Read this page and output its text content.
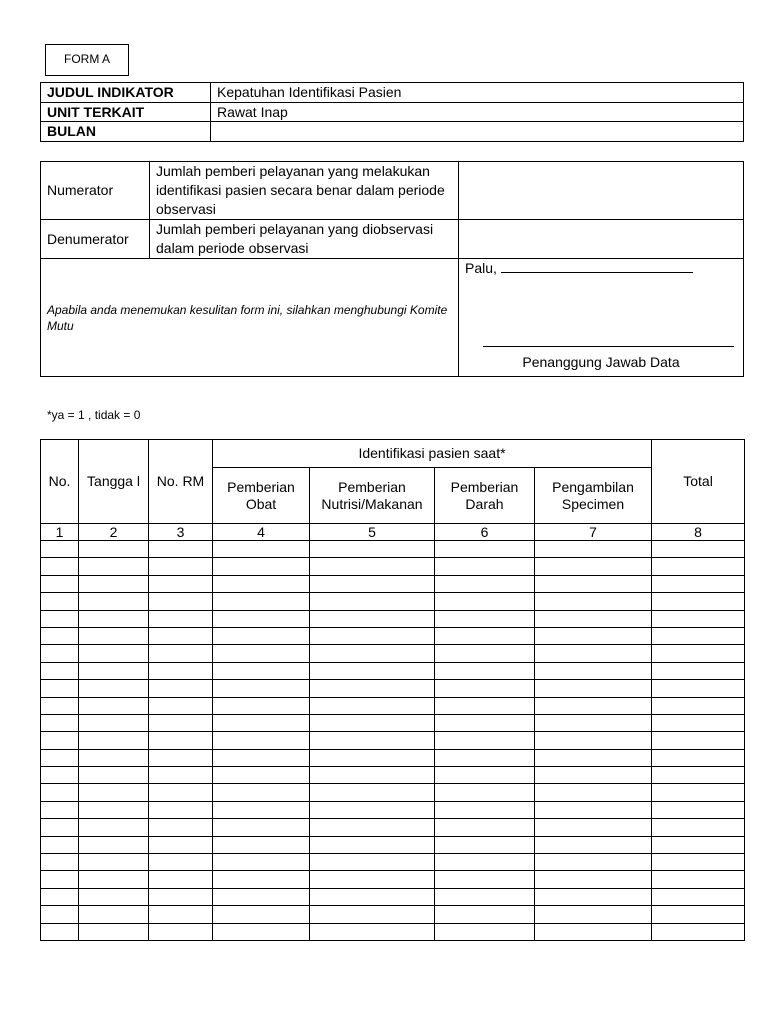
FORM A
JUDUL INDIKATOR	Kepatuhan Identifikasi Pasien
UNIT TERKAIT	Rawat Inap
BULAN	
Numerator	Jumlah pemberi pelayanan yang melakukan identifikasi pasien secara benar dalam periode observasi	
Denumerator	Jumlah pemberi pelayanan yang diobservasi dalam periode observasi	
Apabila anda menemukan kesulitan form ini, silahkan menghubungi Komite Mutu		Palu,
Penanggung Jawab Data
*ya = 1 , tidak = 0
No.	Tangga l	No. RM	Identifikasi pasien saat*				Total
			Pemberian Obat	Pemberian Nutrisi/Makanan	Pemberian Darah	Pengambilan Specimen	
1	2	3	4	5	6	7	8
